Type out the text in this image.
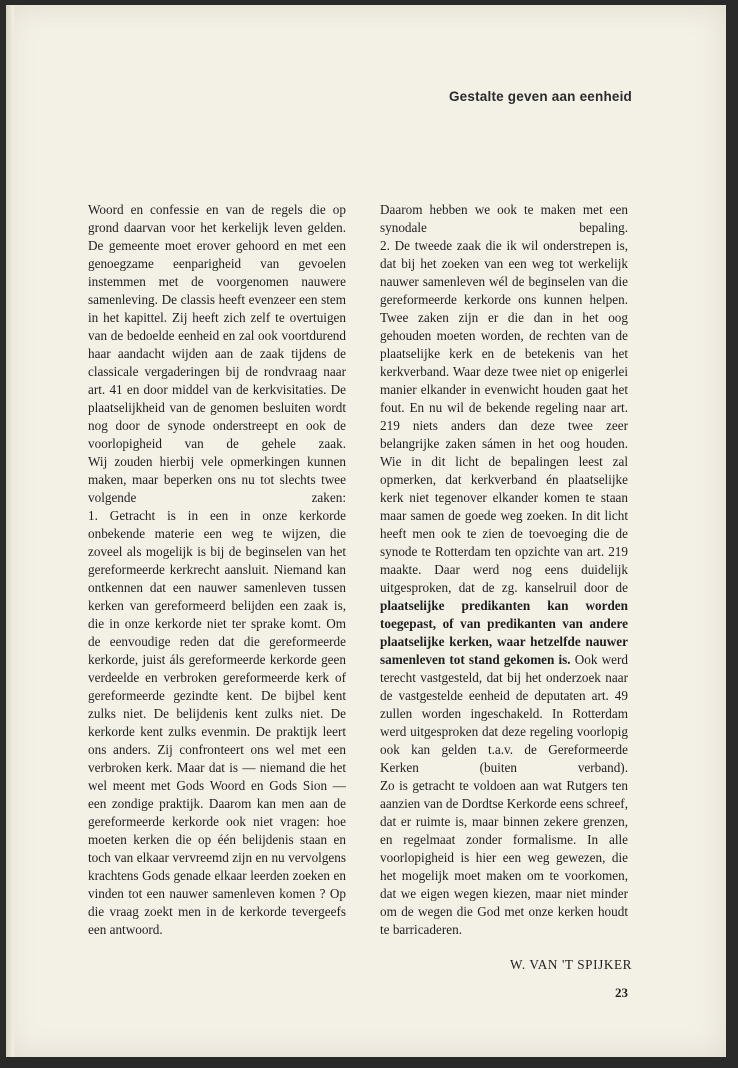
Gestalte geven aan eenheid

Woord en confessie en van de regels die op grond daarvan voor het kerkelijk leven gelden. De gemeente moet erover gehoord en met een genoegzame eenparigheid van gevoelen instemmen met de voorgenomen nauwere samenleving. De classis heeft evenzeer een stem in het kapittel. Zij heeft zich zelf te overtuigen van de bedoelde eenheid en zal ook voortdurend haar aandacht wijden aan de zaak tijdens de classicale vergaderingen bij de rondvraag naar art. 41 en door middel van de kerkvisitaties. De plaatselijkheid van de genomen besluiten wordt nog door de synode onderstreept en ook de voorlopigheid van de gehele zaak.

Wij zouden hierbij vele opmerkingen kunnen maken, maar beperken ons nu tot slechts twee volgende zaken:

1. Getracht is in een in onze kerkorde onbekende materie een weg te wijzen, die zoveel als mogelijk is bij de beginselen van het gereformeerde kerkrecht aansluit. Niemand kan ontkennen dat een nauwer samenleven tussen kerken van gereformeerd belijden een zaak is, die in onze kerkorde niet ter sprake komt. Om de eenvoudige reden dat die gereformeerde kerkorde, juist áls gereformeerde kerkorde geen verdeelde en verbroken gereformeerde kerk of gereformeerde gezindte kent. De bijbel kent zulks niet. De belijdenis kent zulks niet. De kerkorde kent zulks evenmin. De praktijk leert ons anders. Zij confronteert ons wel met een verbroken kerk. Maar dat is — niemand die het wel meent met Gods Woord en Gods Sion — een zondige praktijk. Daarom kan men aan de gereformeerde kerkorde ook niet vragen: hoe moeten kerken die op één belijdenis staan en toch van elkaar vervreemd zijn en nu vervolgens krachtens Gods genade elkaar leerden zoeken en vinden tot een nauwer samenleven komen ? Op die vraag zoekt men in de kerkorde tevergeefs een antwoord.

Daarom hebben we ook te maken met een synodale bepaling.

2. De tweede zaak die ik wil onderstrepen is, dat bij het zoeken van een weg tot werkelijk nauwer samenleven wél de beginselen van die gereformeerde kerkorde ons kunnen helpen. Twee zaken zijn er die dan in het oog gehouden moeten worden, de rechten van de plaatselijke kerk en de betekenis van het kerkverband. Waar deze twee niet op enigerlei manier elkander in evenwicht houden gaat het fout. En nu wil de bekende regeling naar art. 219 niets anders dan deze twee zeer belangrijke zaken sámen in het oog houden. Wie in dit licht de bepalingen leest zal opmerken, dat kerkverband én plaatselijke kerk niet tegenover elkander komen te staan maar samen de goede weg zoeken. In dit licht heeft men ook te zien de toevoeging die de synode te Rotterdam ten opzichte van art. 219 maakte. Daar werd nog eens duidelijk uitgesproken, dat de zg. kanselruil door de plaatselijke predikanten kan worden toegepast, of van predikanten van andere plaatselijke kerken, waar hetzelfde nauwer samenleven tot stand gekomen is. Ook werd terecht vastgesteld, dat bij het onderzoek naar de vastgestelde eenheid de deputaten art. 49 zullen worden ingeschakeld. In Rotterdam werd uitgesproken dat deze regeling voorlopig ook kan gelden t.a.v. de Gereformeerde Kerken (buiten verband).

Zo is getracht te voldoen aan wat Rutgers ten aanzien van de Dordtse Kerkorde eens schreef, dat er ruimte is, maar binnen zekere grenzen, en regelmaat zonder formalisme. In alle voorlopigheid is hier een weg gewezen, die het mogelijk moet maken om te voorkomen, dat we eigen wegen kiezen, maar niet minder om de wegen die God met onze kerken houdt te barricaderen.

W. VAN 'T SPIJKER
23
